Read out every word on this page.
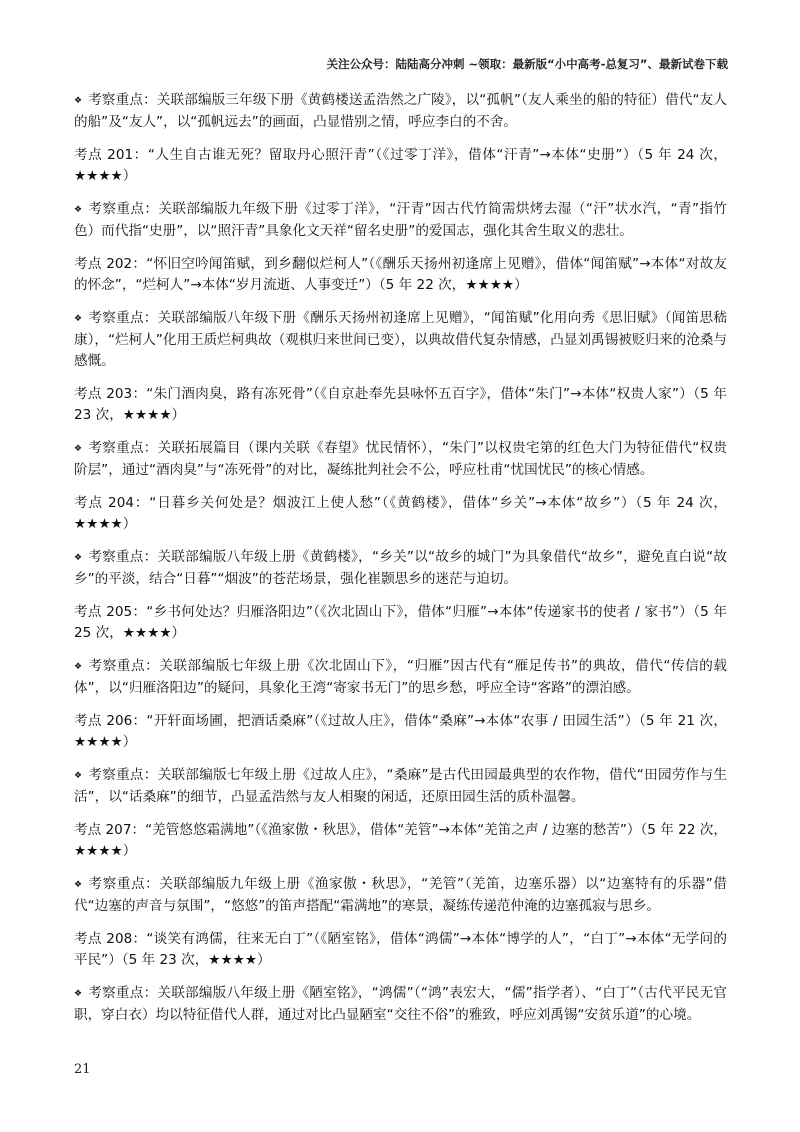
关注公众号：陆陆高分冲刺 ~领取：最新版“小中高考-总复习”、最新试卷下载

❖ 考察重点：关联部编版三年级下册《黄鹤楼送孟浩然之广陵》，以“孤帆”（友人乘坐的船的特征）借代“友人的船”及“友人”，以“孤帆远去”的画面，凸显惜别之情，呼应李白的不舍。

考点 201：“人生自古谁无死？留取丹心照汗青”（《过零丁洋》，借体“汗青”→本体“史册”）（5 年 24 次，★★★★）

❖ 考察重点：关联部编版九年级下册《过零丁洋》，“汗青”因古代竹简需烘烤去湿（“汗”状水汽，“青”指竹色）而代指“史册”，以“照汗青”具象化文天祥“留名史册”的爱国志，强化其舍生取义的悲壮。

考点 202：“怀旧空吟闻笛赋，到乡翻似烂柯人”（《酬乐天扬州初逢席上见赠》，借体“闻笛赋”→本体“对故友的怀念”，“烂柯人”→本体“岁月流逝、人事变迁”）（5 年 22 次，★★★★）

❖ 考察重点：关联部编版八年级下册《酬乐天扬州初逢席上见赠》，“闻笛赋”化用向秀《思旧赋》（闻笛思嵇康），“烂柯人”化用王质烂柯典故（观棋归来世间已变），以典故借代复杂情感，凸显刘禹锡被贬归来的沧桑与感慨。

考点 203：“朱门酒肉臭，路有冻死骨”（《自京赴奉先县咏怀五百字》，借体“朱门”→本体“权贵人家”）（5 年 23 次，★★★★）

❖ 考察重点：关联拓展篇目（课内关联《春望》忧民情怀），“朱门”以权贵宅第的红色大门为特征借代“权贵阶层”，通过“酒肉臭”与“冻死骨”的对比，凝练批判社会不公，呼应杜甫“忧国忧民”的核心情感。

考点 204：“日暮乡关何处是？烟波江上使人愁”（《黄鹤楼》，借体“乡关”→本体“故乡”）（5 年 24 次，★★★★）

❖ 考察重点：关联部编版八年级上册《黄鹤楼》，“乡关”以“故乡的城门”为具象借代“故乡”，避免直白说“故乡”的平淡，结合“日暮”“烟波”的苍茫场景，强化崔颢思乡的迷茫与迫切。

考点 205：“乡书何处达？归雁洛阳边”（《次北固山下》，借体“归雁”→本体“传递家书的使者 / 家书”）（5 年 25 次，★★★★）

❖ 考察重点：关联部编版七年级上册《次北固山下》，“归雁”因古代有“雁足传书”的典故，借代“传信的载体”，以“归雁洛阳边”的疑问，具象化王湾“寄家书无门”的思乡愁，呼应全诗“客路”的漂泊感。

考点 206：“开轩面场圃，把酒话桑麻”（《过故人庄》，借体“桑麻”→本体“农事 / 田园生活”）（5 年 21 次，★★★★）

❖ 考察重点：关联部编版七年级上册《过故人庄》，“桑麻”是古代田园最典型的农作物，借代“田园劳作与生活”，以“话桑麻”的细节，凸显孟浩然与友人相聚的闲适，还原田园生活的质朴温馨。

考点 207：“羌管悠悠霜满地”（《渔家傲・秋思》，借体“羌管”→本体“羌笛之声 / 边塞的愁苦”）（5 年 22 次，★★★★）

❖ 考察重点：关联部编版九年级上册《渔家傲・秋思》，“羌管”（羌笛，边塞乐器）以“边塞特有的乐器”借代“边塞的声音与氛围”，“悠悠”的笛声搭配“霜满地”的寒景，凝练传递范仲淹的边塞孤寂与思乡。

考点 208：“谈笑有鸿儒，往来无白丁”（《陋室铭》，借体“鸿儒”→本体“博学的人”，“白丁”→本体“无学问的平民”）（5 年 23 次，★★★★）

❖ 考察重点：关联部编版八年级上册《陋室铭》，“鸿儒”（“鸿”表宏大，“儒”指学者）、“白丁”（古代平民无官职，穿白衣）均以特征借代人群，通过对比凸显陋室“交往不俗”的雅致，呼应刘禹锡“安贫乐道”的心境。

21
